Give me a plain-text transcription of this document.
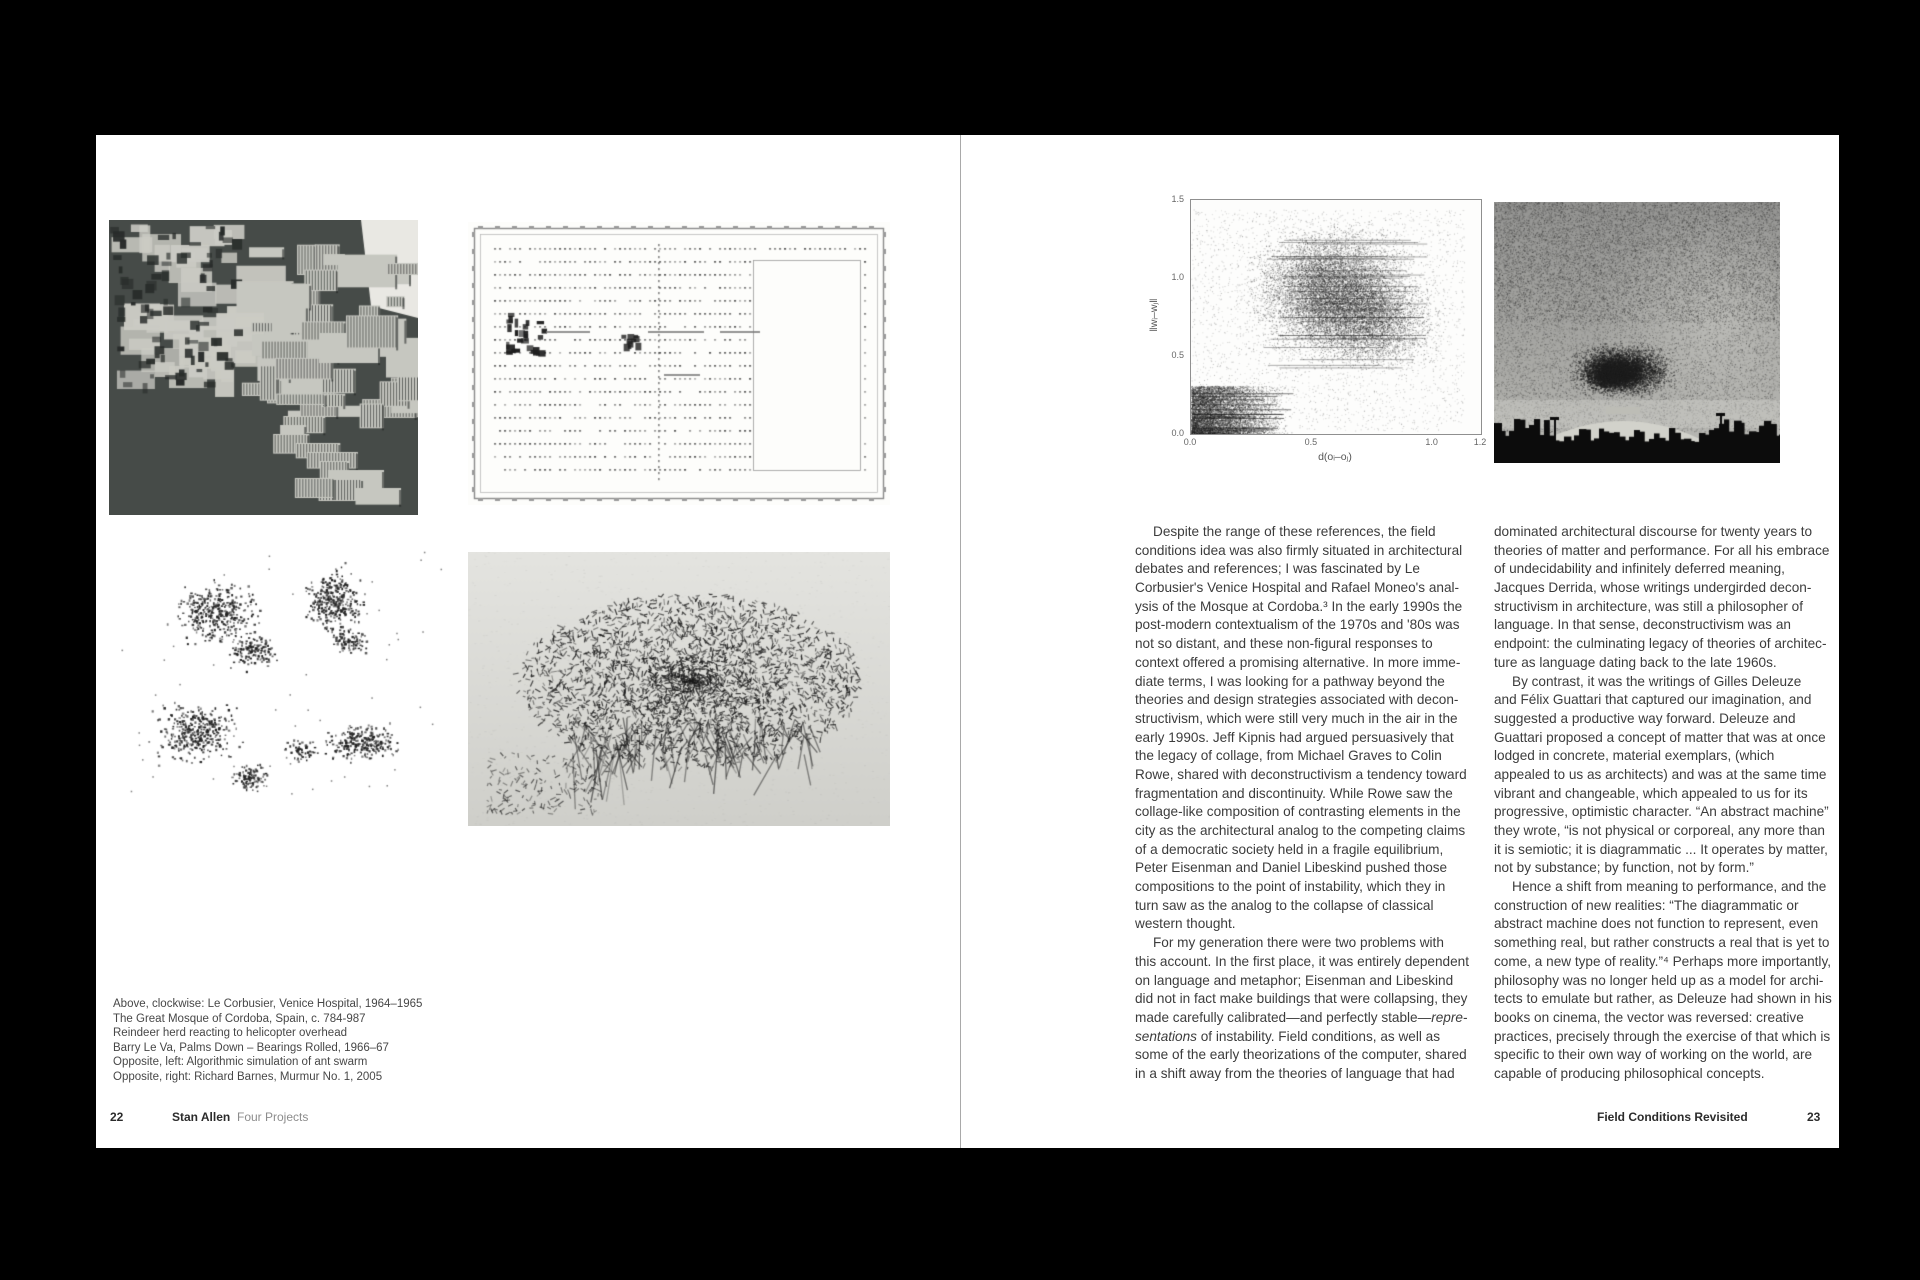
Above, clockwise: Le Corbusier, Venice Hospital, 1964–1965
The Great Mosque of Cordoba, Spain, c. 784-987
Reindeer herd reacting to helicopter overhead
Barry Le Va, Palms Down – Bearings Rolled, 1966–67
Opposite, left: Algorithmic simulation of ant swarm
Opposite, right: Richard Barnes, Murmur No. 1, 2005
22	Stan Allen Four Projects
0.0	0.5	1.0	1.2
0.0
0.5
1.0
1.5
d(oᵢ–oⱼ)
‖wᵢ–wⱼ‖
Despite the range of these references, the field
conditions idea was also firmly situated in architectural
debates and references; I was fascinated by Le
Corbusier's Venice Hospital and Rafael Moneo's anal-
ysis of the Mosque at Cordoba.³ In the early 1990s the
post-modern contextualism of the 1970s and '80s was
not so distant, and these non-figural responses to
context offered a promising alternative. In more imme-
diate terms, I was looking for a pathway beyond the
theories and design strategies associated with decon-
structivism, which were still very much in the air in the
early 1990s. Jeff Kipnis had argued persuasively that
the legacy of collage, from Michael Graves to Colin
Rowe, shared with deconstructivism a tendency toward
fragmentation and discontinuity. While Rowe saw the
collage-like composition of contrasting elements in the
city as the architectural analog to the competing claims
of a democratic society held in a fragile equilibrium,
Peter Eisenman and Daniel Libeskind pushed those
compositions to the point of instability, which they in
turn saw as the analog to the collapse of classical
western thought.
For my generation there were two problems with
this account. In the first place, it was entirely dependent
on language and metaphor; Eisenman and Libeskind
did not in fact make buildings that were collapsing, they
made carefully calibrated—and perfectly stable—repre-
sentations of instability. Field conditions, as well as
some of the early theorizations of the computer, shared
in a shift away from the theories of language that had
dominated architectural discourse for twenty years to
theories of matter and performance. For all his embrace
of undecidability and infinitely deferred meaning,
Jacques Derrida, whose writings undergirded decon-
structivism in architecture, was still a philosopher of
language. In that sense, deconstructivism was an
endpoint: the culminating legacy of theories of architec-
ture as language dating back to the late 1960s.
By contrast, it was the writings of Gilles Deleuze
and Félix Guattari that captured our imagination, and
suggested a productive way forward. Deleuze and
Guattari proposed a concept of matter that was at once
lodged in concrete, material exemplars, (which
appealed to us as architects) and was at the same time
vibrant and changeable, which appealed to us for its
progressive, optimistic character. “An abstract machine”
they wrote, “is not physical or corporeal, any more than
it is semiotic; it is diagrammatic ... It operates by matter,
not by substance; by function, not by form.”
Hence a shift from meaning to performance, and the
construction of new realities: “The diagrammatic or
abstract machine does not function to represent, even
something real, but rather constructs a real that is yet to
come, a new type of reality.”⁴ Perhaps more importantly,
philosophy was no longer held up as a model for archi-
tects to emulate but rather, as Deleuze had shown in his
books on cinema, the vector was reversed: creative
practices, precisely through the exercise of that which is
specific to their own way of working on the world, are
capable of producing philosophical concepts.
Field Conditions Revisited	23
